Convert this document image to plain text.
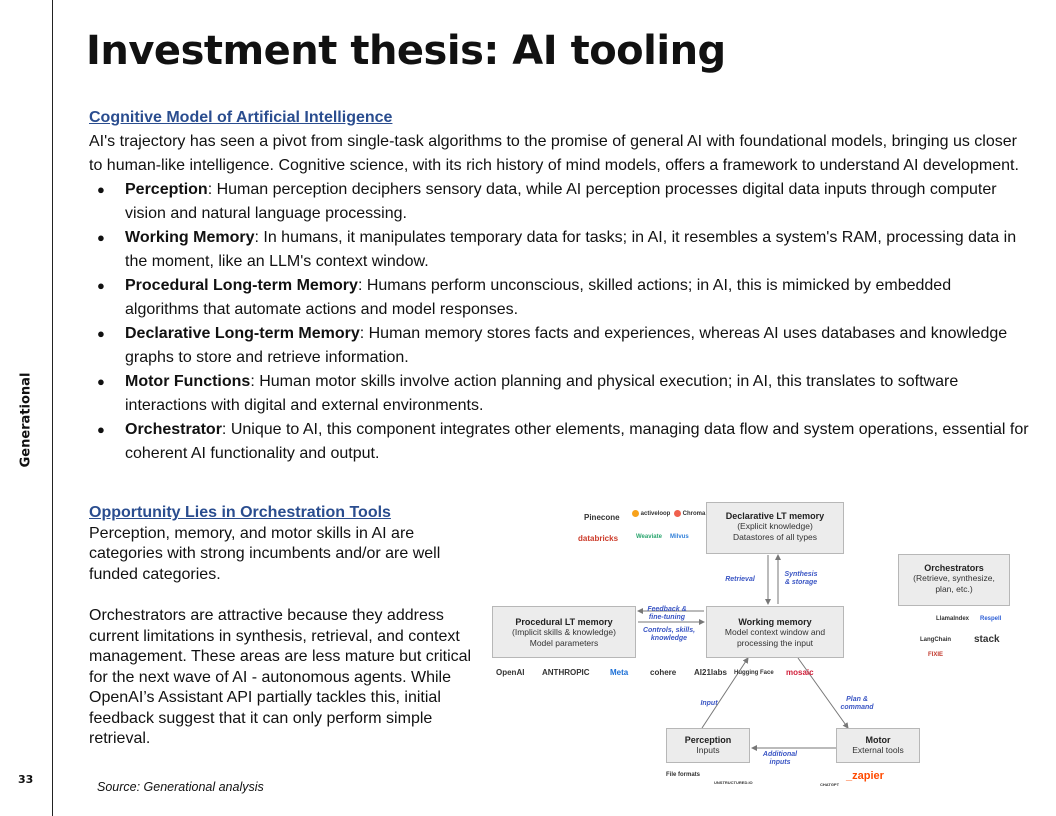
Generational
33
Investment thesis: AI tooling
Cognitive Model of Artificial Intelligence
AI's trajectory has seen a pivot from single-task algorithms to the promise of general AI with foundational models, bringing us closer to human-like intelligence. Cognitive science, with its rich history of mind models, offers a framework to understand AI development.
● Perception: Human perception deciphers sensory data, while AI perception processes digital data inputs through computer vision and natural language processing.
● Working Memory: In humans, it manipulates temporary data for tasks; in AI, it resembles a system's RAM, processing data in the moment, like an LLM's context window.
● Procedural Long-term Memory: Humans perform unconscious, skilled actions; in AI, this is mimicked by embedded algorithms that automate actions and model responses.
● Declarative Long-term Memory: Human memory stores facts and experiences, whereas AI uses databases and knowledge graphs to store and retrieve information.
● Motor Functions: Human motor skills involve action planning and physical execution; in AI, this translates to software interactions with digital and external environments.
● Orchestrator: Unique to AI, this component integrates other elements, managing data flow and system operations, essential for coherent AI functionality and output.
Opportunity Lies in Orchestration Tools

Perception, memory, and motor skills in AI are categories with strong incumbents and/or are well funded categories.

Orchestrators are attractive because they address current limitations in synthesis, retrieval, and context management. These areas are less mature but critical for the next wave of AI - autonomous agents. While OpenAI’s Assistant API partially tackles this, initial feedback suggest that it can only perform simple retrieval.

Source: Generational analysis
Declarative LT memory
(Explicit knowledge)
Datastores of all types
Working memory
Model context window and
processing the input
Procedural LT memory
(Implicit skills & knowledge)
Model parameters
Orchestrators
(Retrieve, synthesize,
plan, etc.)
Perception
Inputs
Motor
External tools
Retrieval
Synthesis & storage
Feedback & fine-tuning
Controls, skills, knowledge
Input
Plan & command
Additional inputs
Pinecone	activeloop	Chroma
databricks	Weaviate Milvus
LlamaIndex Respell
LangChain stack
FIXIE
OpenAI ANTHROPIC	Meta	cohere AI21labs Hugging Face mosaic
File formats
UNSTRUCTURED.IO	CHATGPT
_zapier
